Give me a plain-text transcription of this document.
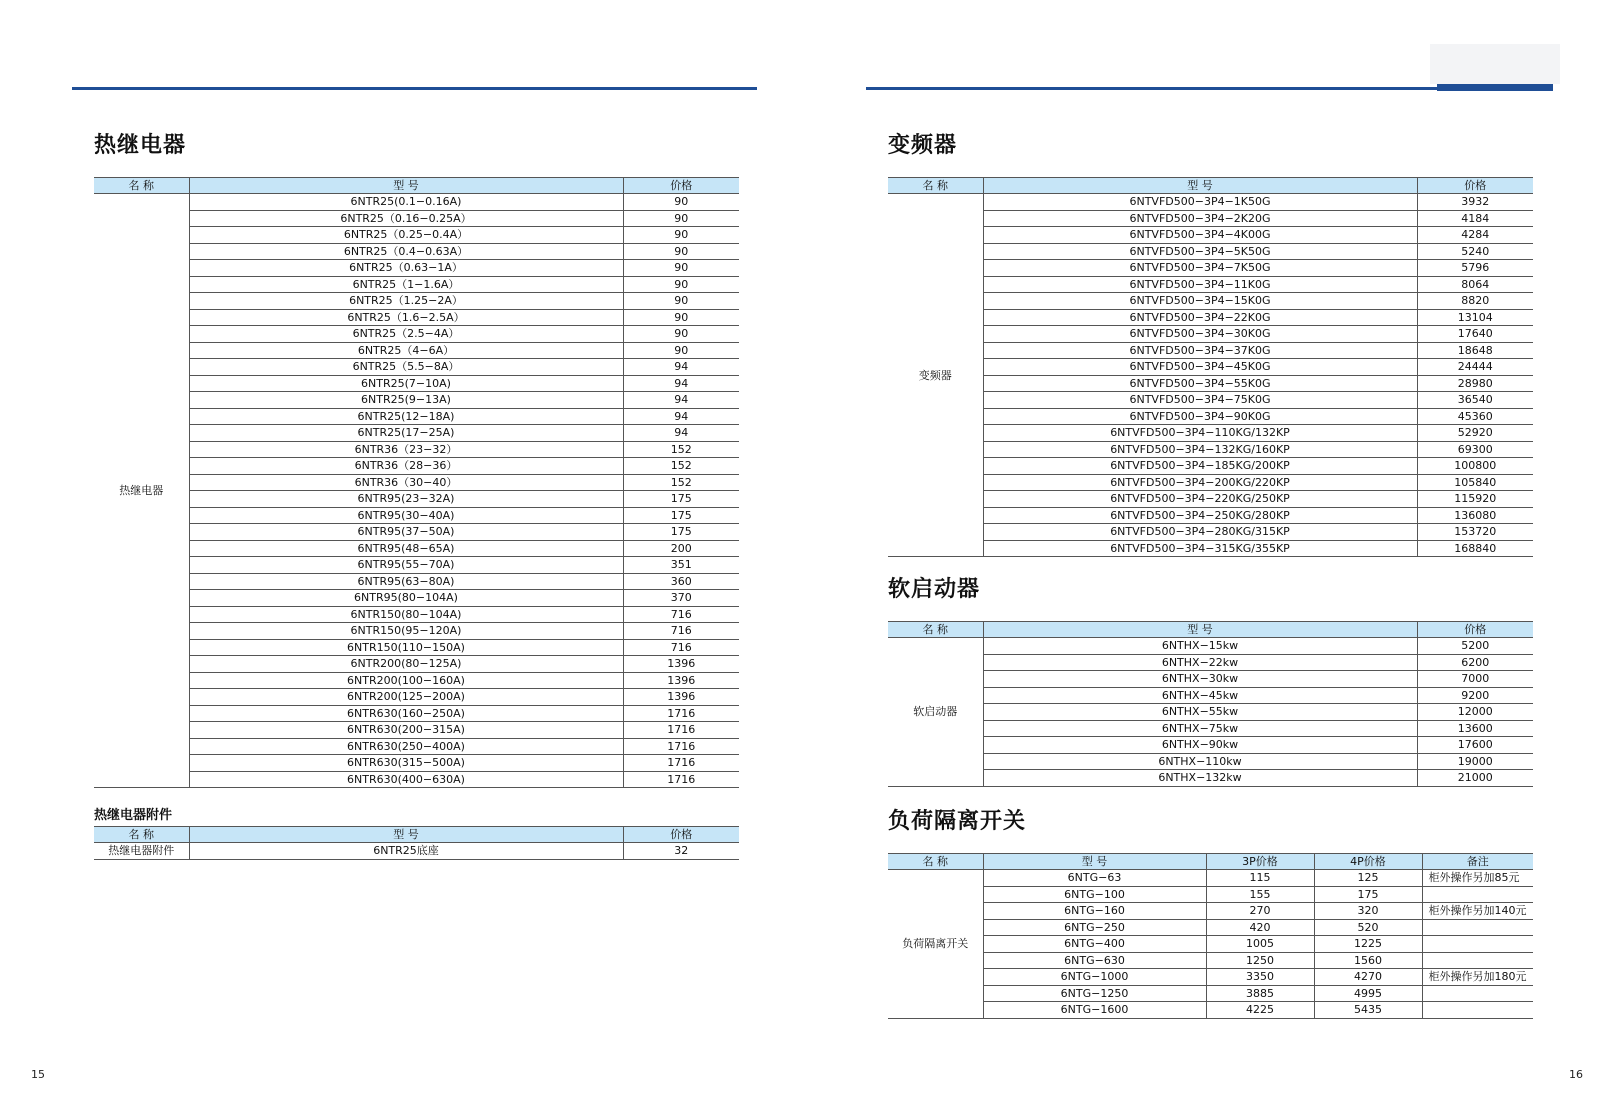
热继电器
名 称	型 号	价格
热继电器	6NTR25(0.1−0.16A)	90
	6NTR25（0.16−0.25A）	90
	6NTR25（0.25−0.4A）	90
	6NTR25（0.4−0.63A）	90
	6NTR25（0.63−1A）	90
	6NTR25（1−1.6A）	90
	6NTR25（1.25−2A）	90
	6NTR25（1.6−2.5A）	90
	6NTR25（2.5−4A）	90
	6NTR25（4−6A）	90
	6NTR25（5.5−8A）	94
	6NTR25(7−10A)	94
	6NTR25(9−13A)	94
	6NTR25(12−18A)	94
	6NTR25(17−25A)	94
	6NTR36（23−32）	152
	6NTR36（28−36）	152
	6NTR36（30−40）	152
	6NTR95(23−32A)	175
	6NTR95(30−40A)	175
	6NTR95(37−50A)	175
	6NTR95(48−65A)	200
	6NTR95(55−70A)	351
	6NTR95(63−80A)	360
	6NTR95(80−104A)	370
	6NTR150(80−104A)	716
	6NTR150(95−120A)	716
	6NTR150(110−150A)	716
	6NTR200(80−125A)	1396
	6NTR200(100−160A)	1396
	6NTR200(125−200A)	1396
	6NTR630(160−250A)	1716
	6NTR630(200−315A)	1716
	6NTR630(250−400A)	1716
	6NTR630(315−500A)	1716
	6NTR630(400−630A)	1716
热继电器附件
名 称	型 号	价格
热继电器附件	6NTR25底座	32
变频器
名 称	型 号	价格
变频器	6NTVFD500−3P4−1K50G	3932
	6NTVFD500−3P4−2K20G	4184
	6NTVFD500−3P4−4K00G	4284
	6NTVFD500−3P4−5K50G	5240
	6NTVFD500−3P4−7K50G	5796
	6NTVFD500−3P4−11K0G	8064
	6NTVFD500−3P4−15K0G	8820
	6NTVFD500−3P4−22K0G	13104
	6NTVFD500−3P4−30K0G	17640
	6NTVFD500−3P4−37K0G	18648
	6NTVFD500−3P4−45K0G	24444
	6NTVFD500−3P4−55K0G	28980
	6NTVFD500−3P4−75K0G	36540
	6NTVFD500−3P4−90K0G	45360
	6NTVFD500−3P4−110KG/132KP	52920
	6NTVFD500−3P4−132KG/160KP	69300
	6NTVFD500−3P4−185KG/200KP	100800
	6NTVFD500−3P4−200KG/220KP	105840
	6NTVFD500−3P4−220KG/250KP	115920
	6NTVFD500−3P4−250KG/280KP	136080
	6NTVFD500−3P4−280KG/315KP	153720
	6NTVFD500−3P4−315KG/355KP	168840
软启动器
名 称	型 号	价格
软启动器	6NTHX−15kw	5200
	6NTHX−22kw	6200
	6NTHX−30kw	7000
	6NTHX−45kw	9200
	6NTHX−55kw	12000
	6NTHX−75kw	13600
	6NTHX−90kw	17600
	6NTHX−110kw	19000
	6NTHX−132kw	21000
负荷隔离开关
名 称	型 号	3P价格	4P价格	备注
负荷隔离开关	6NTG−63	115	125	柜外操作另加85元
	6NTG−100	155	175	
	6NTG−160	270	320	柜外操作另加140元
	6NTG−250	420	520	
	6NTG−400	1005	1225	
	6NTG−630	1250	1560	
	6NTG−1000	3350	4270	柜外操作另加180元
	6NTG−1250	3885	4995	
	6NTG−1600	4225	5435	
15	16
